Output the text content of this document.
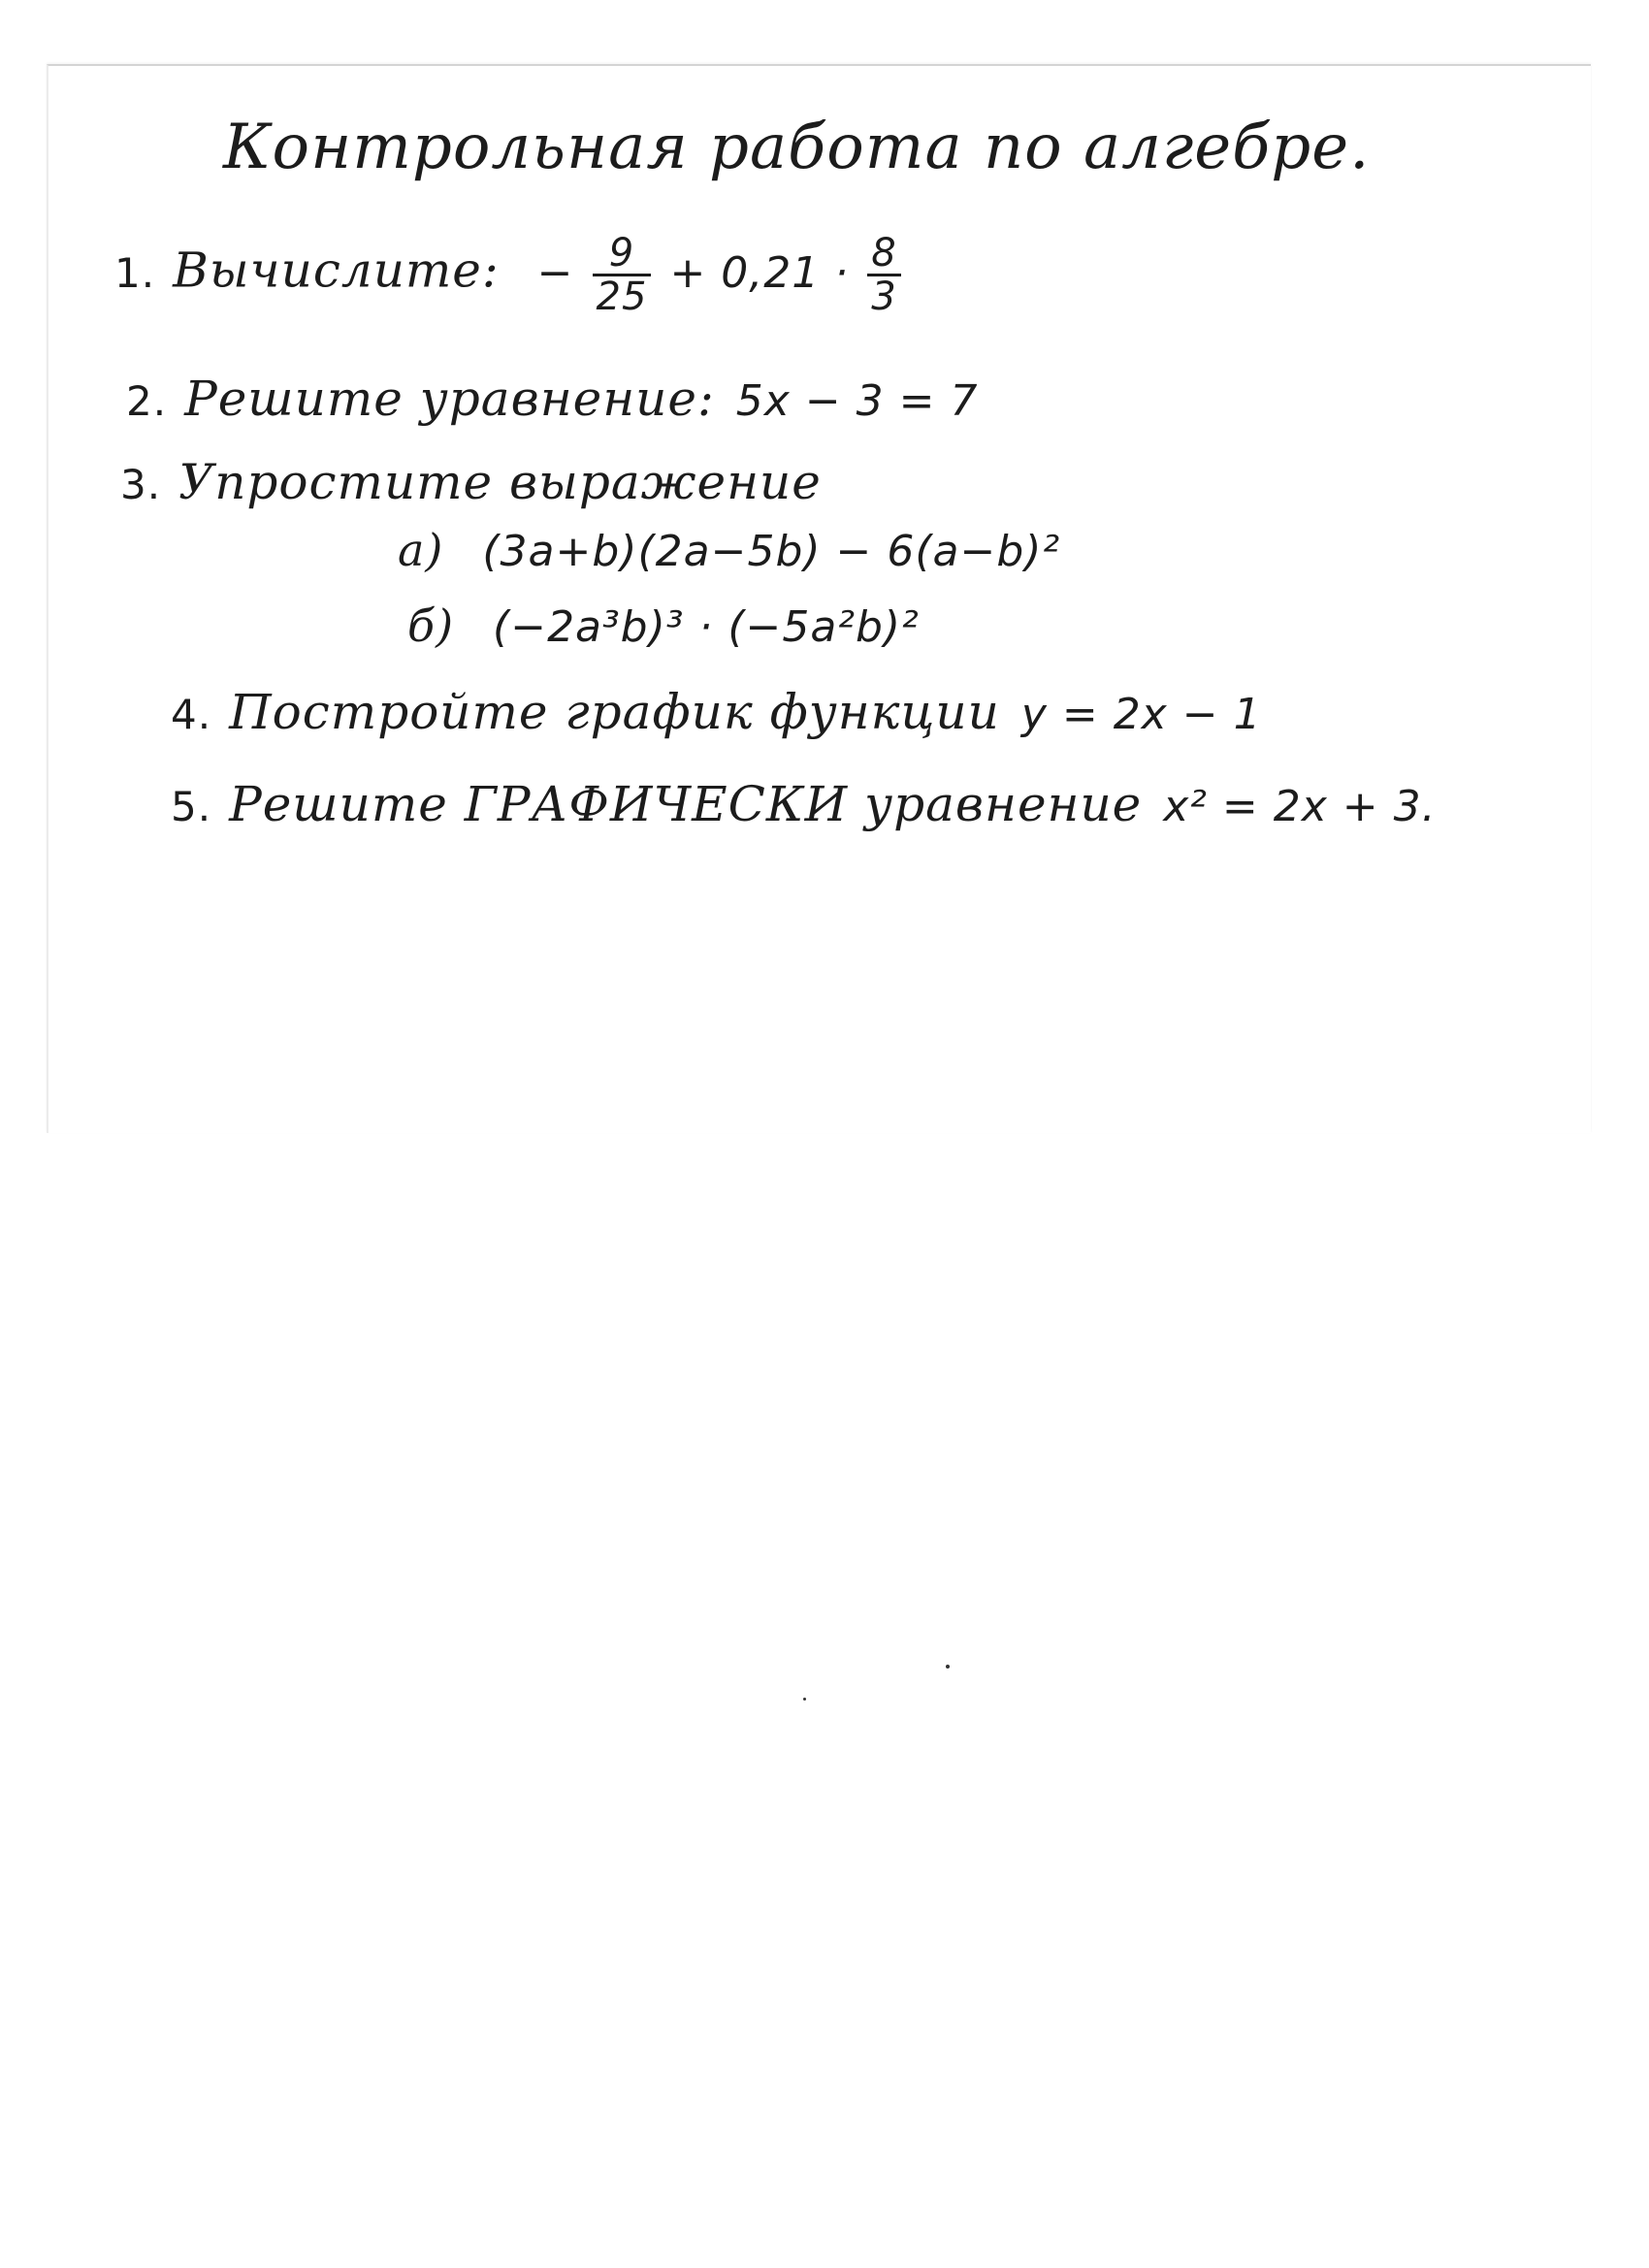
Контрольная работа по алгебре.
1. Вычислите: − $\frac{9}{25} + 0,21 \cdot \frac{8}{3}$
2. Решите уравнение: 5x − 3 = 7
3. Упростите выражение
а) (3a+b)(2a−5b) − 6(a−b)²
б) (−2a³b)³ · (−5a²b)²
4. Постройте график функции y = 2x − 1
5. Решите ГРАФИЧЕСКИ уравнение x² = 2x + 3.
